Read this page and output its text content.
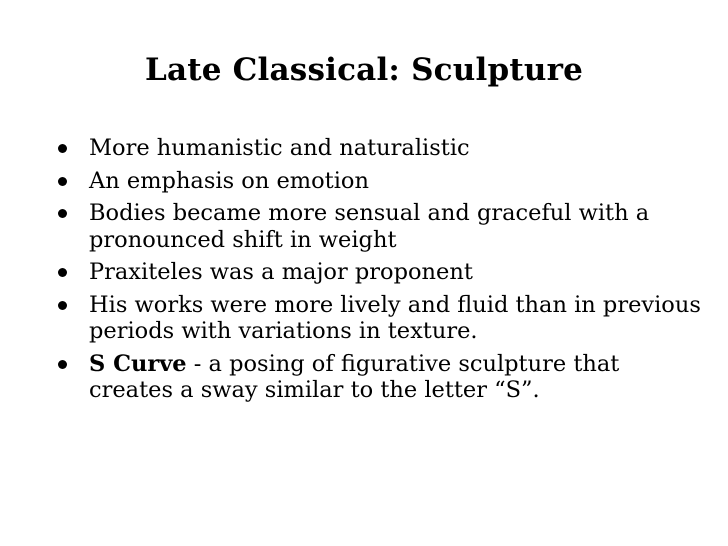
Late Classical: Sculpture
More humanistic and naturalistic
An emphasis on emotion
Bodies became more sensual and graceful with a pronounced shift in weight
Praxiteles was a major proponent
His works were more lively and fluid than in previous periods with variations in texture.
S Curve - a posing of figurative sculpture that creates a sway similar to the letter “S”.
